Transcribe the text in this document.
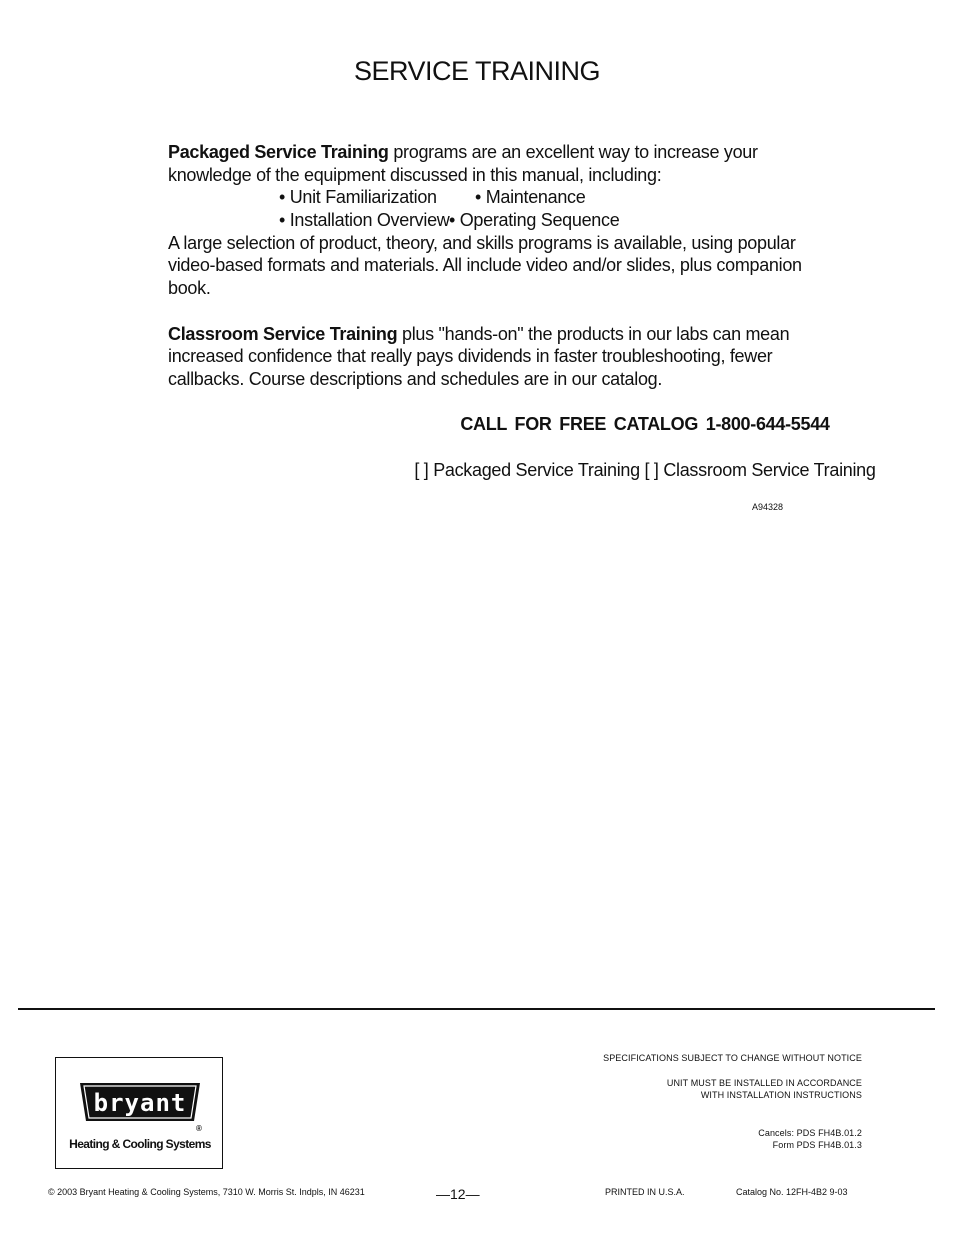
SERVICE TRAINING

Packaged Service Training programs are an excellent way to increase your

knowledge of the equipment discussed in this manual, including:

• Unit Familiarization • Maintenance
• Installation Overview • Operating Sequence

A large selection of product, theory, and skills programs is available, using popular

video-based formats and materials. All include video and/or slides, plus companion

book.

Classroom Service Training plus "hands-on" the products in our labs can mean

increased confidence that really pays dividends in faster troubleshooting, fewer

callbacks. Course descriptions and schedules are in our catalog.

CALL FOR FREE CATALOG 1-800-644-5544

[ ] Packaged Service Training [ ] Classroom Service Training

A94328
bryant
®
Heating & Cooling Systems
SPECIFICATIONS SUBJECT TO CHANGE WITHOUT NOTICE
UNIT MUST BE INSTALLED IN ACCORDANCE
WITH INSTALLATION INSTRUCTIONS
Cancels: PDS FH4B.01.2
Form PDS FH4B.01.3
© 2003 Bryant Heating & Cooling Systems, 7310 W. Morris St. Indpls, IN 46231	—12—	PRINTED IN U.S.A.	Catalog No. 12FH-4B2 9-03
